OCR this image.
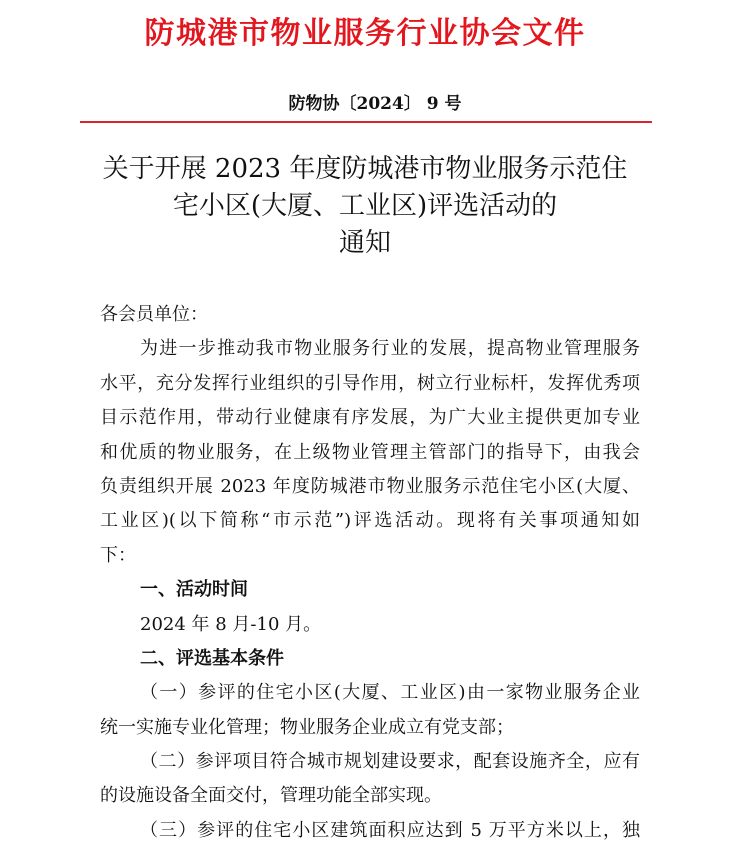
防城港市物业服务行业协会文件
防物协〔2024〕 9 号
关于开展 2023 年度防城港市物业服务示范住
宅小区(大厦、工业区)评选活动的
通知
各会员单位：
为进一步推动我市物业服务行业的发展，提高物业管理服务
水平，充分发挥行业组织的引导作用，树立行业标杆，发挥优秀项
目示范作用，带动行业健康有序发展，为广大业主提供更加专业
和优质的物业服务，在上级物业管理主管部门的指导下，由我会
负责组织开展 2023 年度防城港市物业服务示范住宅小区(大厦、
工业区)(以下简称“市示范”)评选活动。现将有关事项通知如
下：
一、活动时间
2024 年 8 月-10 月。
二、评选基本条件
（一）参评的住宅小区(大厦、工业区)由一家物业服务企业
统一实施专业化管理；物业服务企业成立有党支部；
（二）参评项目符合城市规划建设要求，配套设施齐全，应有
的设施设备全面交付，管理功能全部实现。
（三）参评的住宅小区建筑面积应达到 5 万平方米以上，独
